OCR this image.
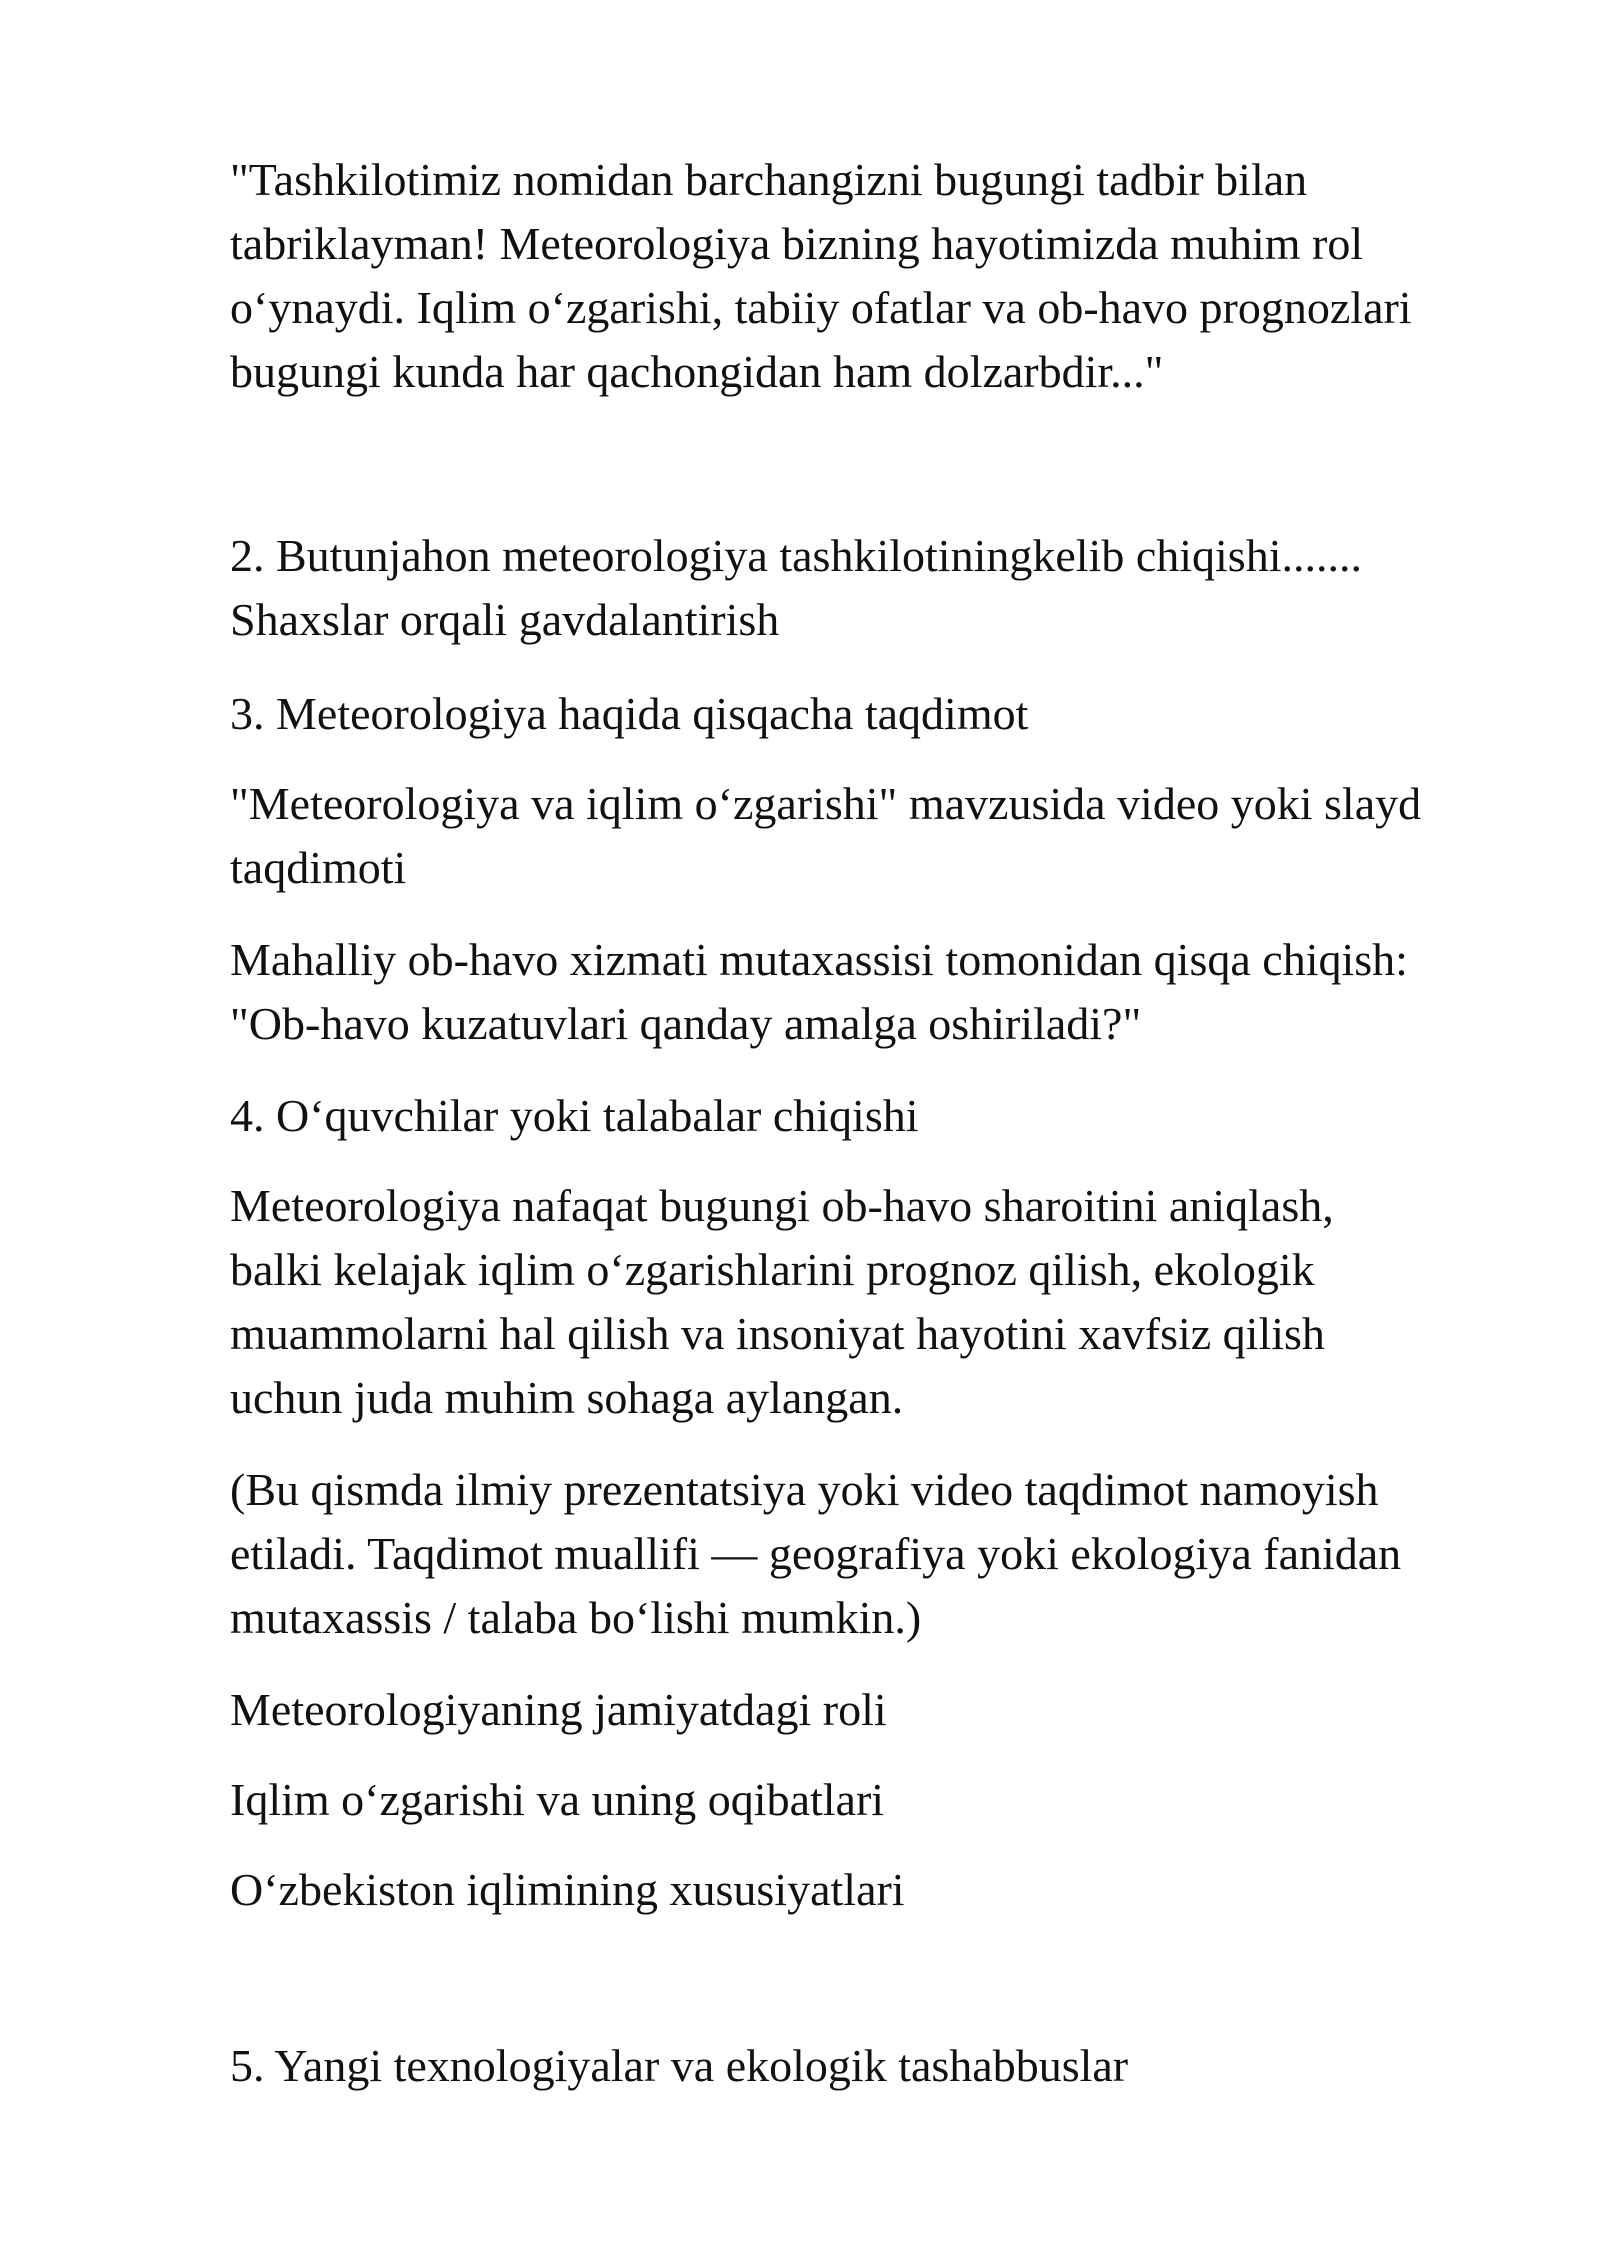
"Tashkilotimiz nomidan barchangizni bugungi tadbir bilan
tabriklayman! Meteorologiya bizning hayotimizda muhim rol
o‘ynaydi. Iqlim o‘zgarishi, tabiiy ofatlar va ob-havo prognozlari
bugungi kunda har qachongidan ham dolzarbdir..."

2. Butunjahon meteorologiya tashkilotiningkelib chiqishi.......
Shaxslar orqali gavdalantirish

3. Meteorologiya haqida qisqacha taqdimot

"Meteorologiya va iqlim o‘zgarishi" mavzusida video yoki slayd
taqdimoti

Mahalliy ob-havo xizmati mutaxassisi tomonidan qisqa chiqish:
"Ob-havo kuzatuvlari qanday amalga oshiriladi?"

4. O‘quvchilar yoki talabalar chiqishi

Meteorologiya nafaqat bugungi ob-havo sharoitini aniqlash,
balki kelajak iqlim o‘zgarishlarini prognoz qilish, ekologik
muammolarni hal qilish va insoniyat hayotini xavfsiz qilish
uchun juda muhim sohaga aylangan.

(Bu qismda ilmiy prezentatsiya yoki video taqdimot namoyish
etiladi. Taqdimot muallifi — geografiya yoki ekologiya fanidan
mutaxassis / talaba bo‘lishi mumkin.)

Meteorologiyaning jamiyatdagi roli

Iqlim o‘zgarishi va uning oqibatlari

O‘zbekiston iqlimining xususiyatlari

5. Yangi texnologiyalar va ekologik tashabbuslar
